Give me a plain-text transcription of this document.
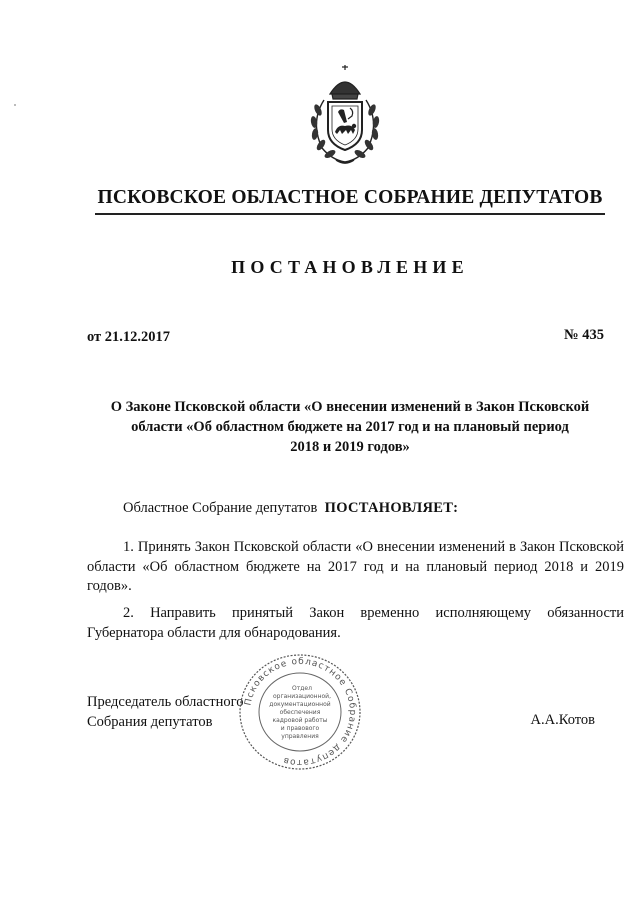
ПСКОВСКОЕ ОБЛАСТНОЕ СОБРАНИЕ ДЕПУТАТОВ
ПОСТАНОВЛЕНИЕ
от 21.12.2017	№ 435
О Законе Псковской области «О внесении изменений в Закон Псковской
области «Об областном бюджете на 2017 год и на плановый период
2018 и 2019 годов»
Областное Собрание депутатов ПОСТАНОВЛЯЕТ:
1. Принять Закон Псковской области «О внесении изменений в Закон Псковской области «Об областном бюджете на 2017 год и на плановый период 2018 и 2019 годов».
2. Направить принятый Закон временно исполняющему обязанности Губернатора области для обнародования.
Председатель областного
Собрания депутатов	А.А.Котов
Псковское областное Собрание депутатов
Отдел
организационной,
документационной
обеспечения
кадровой работы
и правового
управления
